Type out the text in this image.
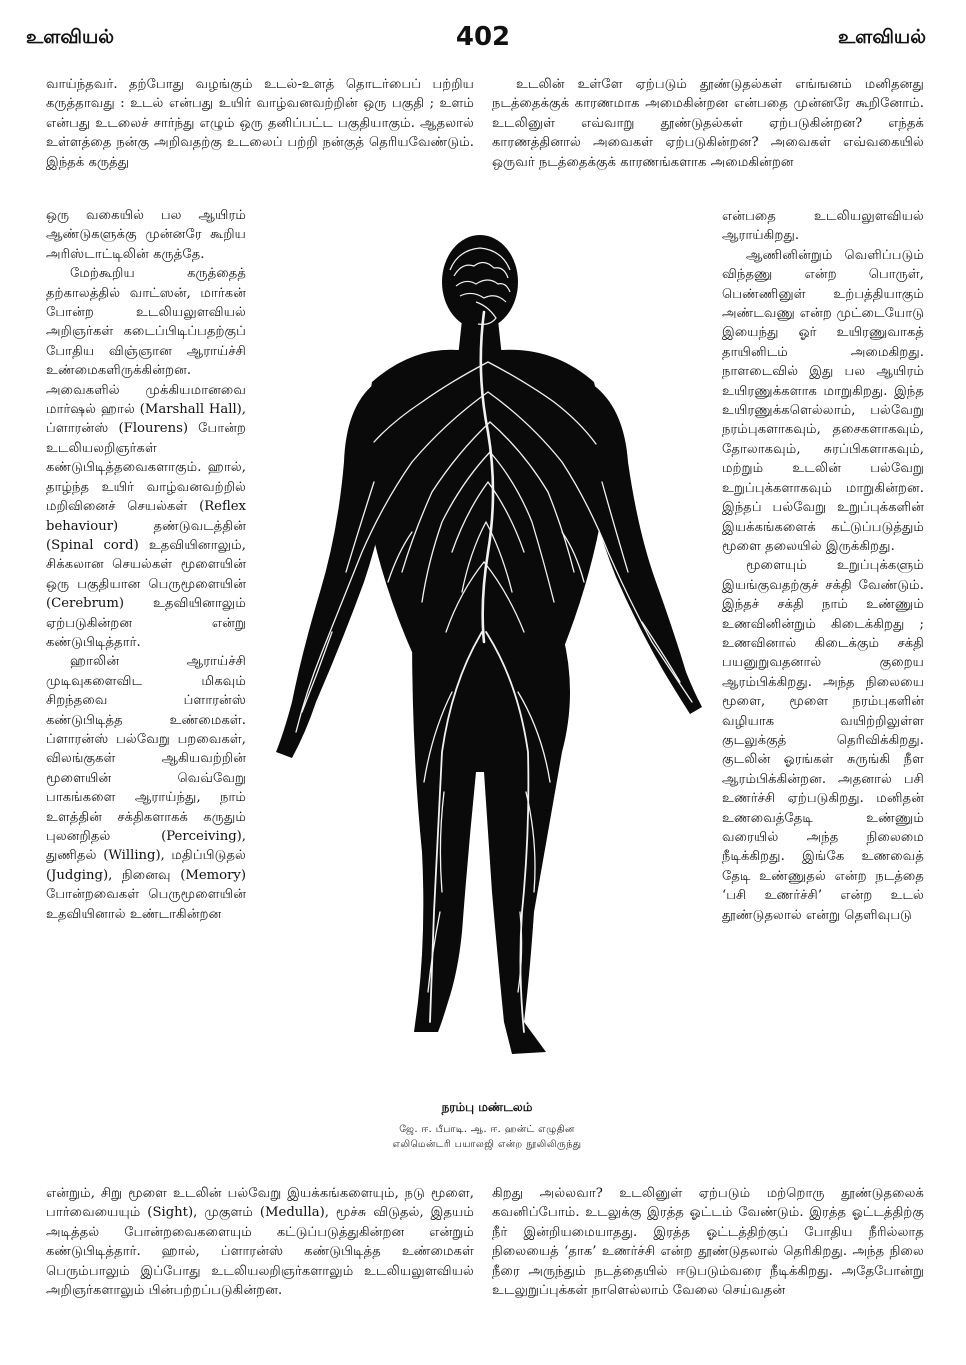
உளவியல்	402	உளவியல்

வாய்ந்தவர். தற்போது வழங்கும் உடல்-உளத் தொடர்பைப் பற்றிய கருத்தாவது : உடல் என்பது உயிர் வாழ்வனவற்றின் ஒரு பகுதி ; உளம் என்பது உடலைச் சார்ந்து எழும் ஒரு தனிப்பட்ட பகுதியாகும். ஆதலால் உள்ளத்தை நன்கு அறிவதற்கு உடலைப் பற்றி நன்குத் தெரியவேண்டும். இந்தக் கருத்து

ஒரு வகையில் பல ஆயிரம் ஆண்டுகளுக்கு முன்னரே கூறிய அரிஸ்டாட்டிலின் கருத்தே.

மேற்கூறிய கருத்தைத் தற்காலத்தில் வாட்ஸன், மார்கன் போன்ற உடலியலுளவியல் அறிஞர்கள் கடைப்பிடிப்பதற்குப் போதிய விஞ்ஞான ஆராய்ச்சி உண்மைகளிருக்கின்றன. அவைகளில் முக்கியமானவை மார்ஷல் ஹால் (Marshall Hall), ப்ளாரன்ஸ் (Flourens) போன்ற உடலியலறிஞர்கள் கண்டுபிடித்தவைகளாகும். ஹால், தாழ்ந்த உயிர் வாழ்வனவற்றில் மறிவினைச் செயல்கள் (Reflex behaviour) தண்டுவடத்தின் (Spinal cord) உதவியினாலும், சிக்கலான செயல்கள் மூளையின் ஒரு பகுதியான பெருமூளையின் (Cerebrum) உதவியினாலும் ஏற்படுகின்றன என்று கண்டுபிடித்தார்.

ஹாலின் ஆராய்ச்சி முடிவுகளைவிட மிகவும் சிறந்தவை ப்ளாரன்ஸ் கண்டுபிடித்த உண்மைகள். ப்ளாரன்ஸ் பல்வேறு பறவைகள், விலங்குகள் ஆகியவற்றின் மூளையின் வெவ்வேறு பாகங்களை ஆராய்ந்து, நாம் உளத்தின் சக்திகளாகக் கருதும் புலனறிதல் (Perceiving), துணிதல் (Willing), மதிப்பிடுதல் (Judging), நினைவு (Memory) போன்றவைகள் பெருமூளையின் உதவியினால் உண்டாகின்றன

என்றும், சிறு மூளை உடலின் பல்வேறு இயக்கங்களையும், நடு மூளை, பார்வையையும் (Sight), முகுளம் (Medulla), மூச்சு விடுதல், இதயம் அடித்தல் போன்றவைகளையும் கட்டுப்படுத்துகின்றன என்றும் கண்டுபிடித்தார். ஹால், ப்ளாரன்ஸ் கண்டுபிடித்த உண்மைகள் பெரும்பாலும் இப்போது உடலியலறிஞர்களாலும் உடலியலுளவியல் அறிஞர்களாலும் பின்பற்றப்படுகின்றன.

உடலின் உள்ளே ஏற்படும் தூண்டுதல்கள் எங்ஙனம் மனிதனது நடத்தைக்குக் காரணமாக அமைகின்றன என்பதை முன்னரே கூறினோம். உடலினுள் எவ்வாறு தூண்டுதல்கள் ஏற்படுகின்றன? எந்தக் காரணத்தினால் அவைகள் ஏற்படுகின்றன? அவைகள் எவ்வகையில் ஒருவர் நடத்தைக்குக் காரணங்களாக அமைகின்றன

என்பதை உடலியலுளவியல் ஆராய்கிறது.

ஆணினின்றும் வெளிப்படும் விந்தணு என்ற பொருள், பெண்ணினுள் உற்பத்தியாகும் அண்டவணு என்ற முட்டையோடு இயைந்து ஓர் உயிரணுவாகத் தாயினிடம் அமைகிறது. நாளடைவில் இது பல ஆயிரம் உயிரணுக்களாக மாறுகிறது. இந்த உயிரணுக்களெல்லாம், பல்வேறு நரம்புகளாகவும், தசைகளாகவும், தோலாகவும், சுரப்பிகளாகவும், மற்றும் உடலின் பல்வேறு உறுப்புக்களாகவும் மாறுகின்றன. இந்தப் பல்வேறு உறுப்புக்களின் இயக்கங்களைக் கட்டுப்படுத்தும் மூளை தலையில் இருக்கிறது.

மூளையும் உறுப்புக்களும் இயங்குவதற்குச் சக்தி வேண்டும். இந்தச் சக்தி நாம் உண்ணும் உணவினின்றும் கிடைக்கிறது ; உணவினால் கிடைக்கும் சக்தி பயனுறுவதனால் குறைய ஆரம்பிக்கிறது. அந்த நிலையை மூளை, மூளை நரம்புகளின் வழியாக வயிற்றிலுள்ள குடலுக்குத் தெரிவிக்கிறது. குடலின் ஓரங்கள் சுருங்கி நீள ஆரம்பிக்கின்றன. அதனால் பசி உணர்ச்சி ஏற்படுகிறது. மனிதன் உணவைத்தேடி உண்ணும் வரையில் அந்த நிலைமை நீடிக்கிறது. இங்கே உணவைத் தேடி உண்ணுதல் என்ற நடத்தை ‘பசி உணர்ச்சி’ என்ற உடல் தூண்டுதலால் என்று தெளிவுபடு

கிறது அல்லவா? உடலினுள் ஏற்படும் மற்றொரு தூண்டுதலைக் கவனிப்போம். உடலுக்கு இரத்த ஓட்டம் வேண்டும். இரத்த ஓட்டத்திற்கு நீர் இன்றியமையாதது. இரத்த ஓட்டத்திற்குப் போதிய நீரில்லாத நிலையைத் ‘தாக’ உணர்ச்சி என்ற தூண்டுதலால் தெரிகிறது. அந்த நிலை நீரை அருந்தும் நடத்தையில் ஈடுபடும்வரை நீடிக்கிறது. அதேபோன்று உடலுறுப்புக்கள் நாளெல்லாம் வேலை செய்வதன்

நரம்பு மண்டலம்
ஜே. ஈ. பீபாடி. ஆ. ஈ. ஹன்ட் எழுதின
எலிமென்டரி பயாலஜி என்ற நூலிலிருந்து
